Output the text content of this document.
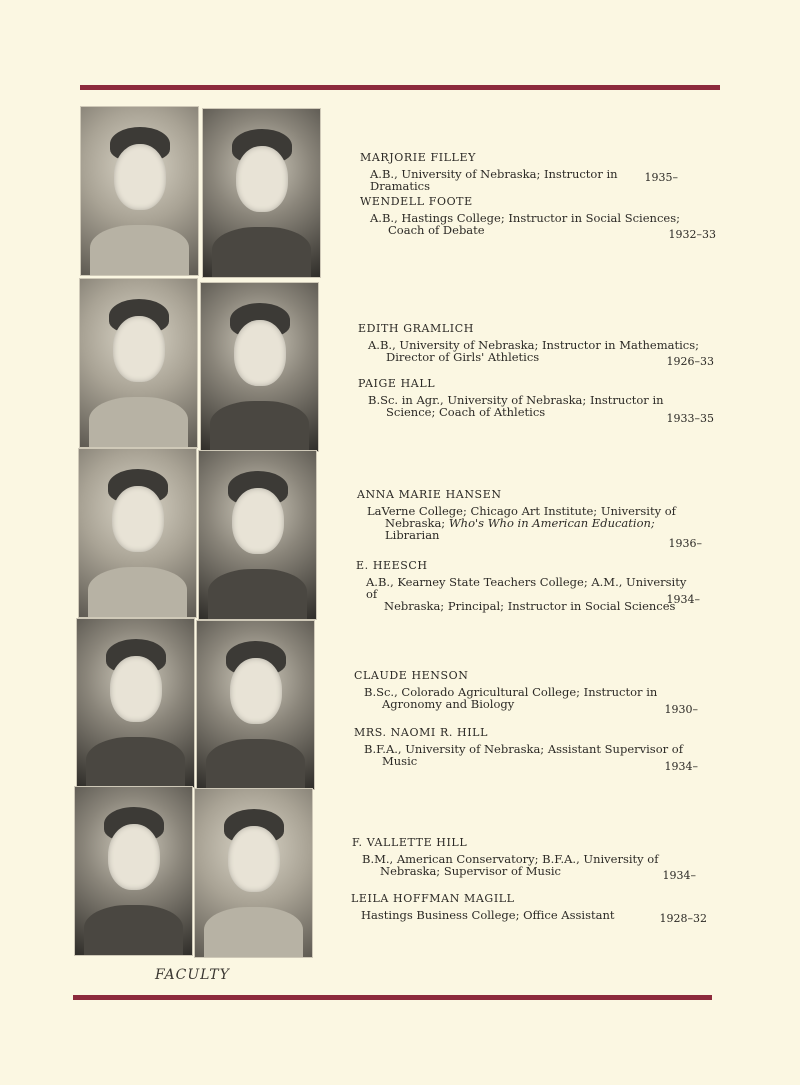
FACULTY
MARJORIE FILLEY
A.B., University of Nebraska; Instructor in Dramatics
1935–
WENDELL FOOTE
A.B., Hastings College; Instructor in Social Sciences;
Coach of Debate	1932–33
EDITH GRAMLICH
A.B., University of Nebraska; Instructor in Mathematics;
Director of Girls' Athletics	1926–33
PAIGE HALL
B.Sc. in Agr., University of Nebraska; Instructor in
Science; Coach of Athletics	1933–35
ANNA MARIE HANSEN
LaVerne College; Chicago Art Institute; University of
Nebraska; Who's Who in American Education;
Librarian
1936–
E. HEESCH
A.B., Kearney State Teachers College; A.M., University of
Nebraska; Principal; Instructor in Social Sciences
1934–
CLAUDE HENSON
B.Sc., Colorado Agricultural College; Instructor in
Agronomy and Biology	1930–
MRS. NAOMI R. HILL
B.F.A., University of Nebraska; Assistant Supervisor of
Music	1934–
F. VALLETTE HILL
B.M., American Conservatory; B.F.A., University of
Nebraska; Supervisor of Music	1934–
LEILA HOFFMAN MAGILL
Hastings Business College; Office Assistant	1928–32
